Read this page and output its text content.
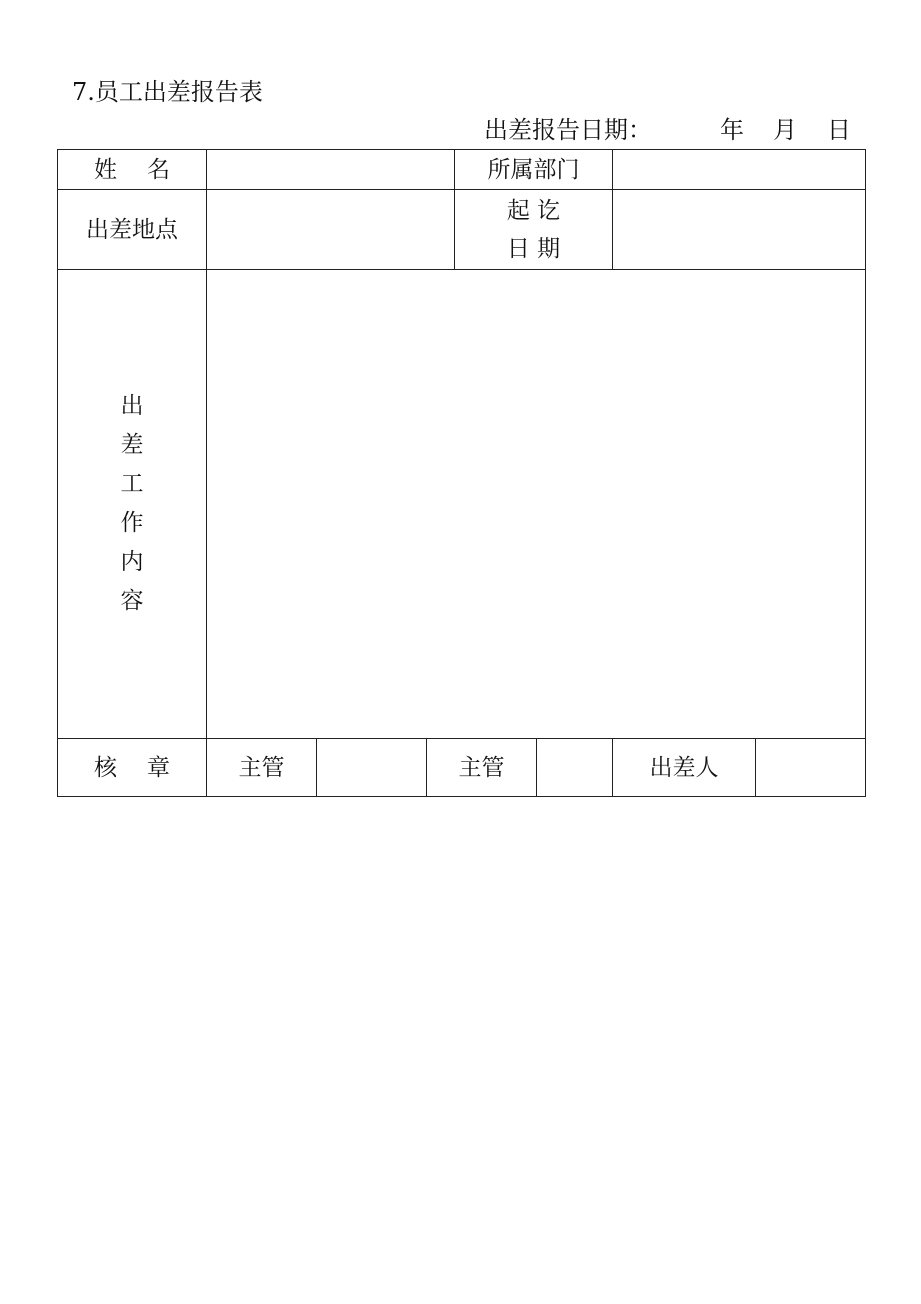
7.员工出差报告表
出差报告日期：	年 月 日
姓 名				所属部门			
出差地点				起 讫
日 期			

出差工作内容							
核 章	主管		主管			出差人	
